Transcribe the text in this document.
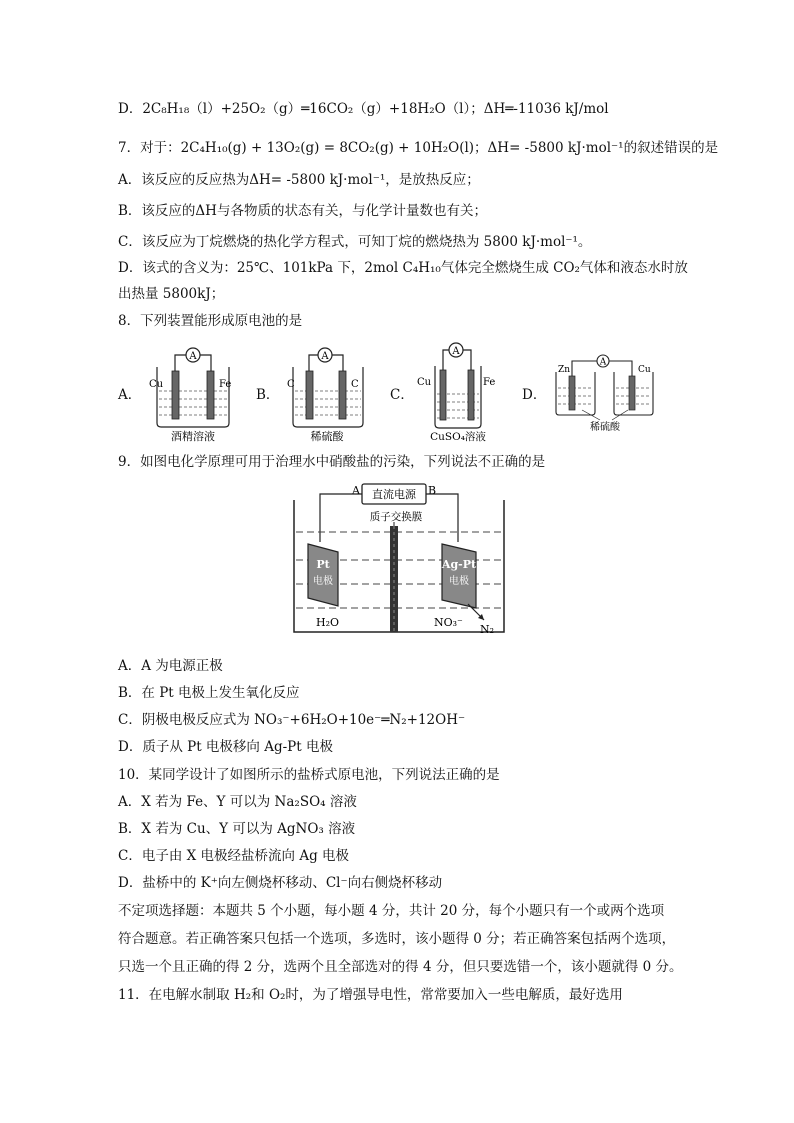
D．2C₈H₁₈（l）+25O₂（g）═16CO₂（g）+18H₂O（l）；ΔH═-11036 kJ/mol
7．对于：2C₄H₁₀(g) + 13O₂(g) = 8CO₂(g) + 10H₂O(l)；ΔH= -5800 kJ·mol⁻¹的叙述错误的是
A．该反应的反应热为ΔH= -5800 kJ·mol⁻¹，是放热反应；
B．该反应的ΔH与各物质的状态有关，与化学计量数也有关；
C．该反应为丁烷燃烧的热化学方程式，可知丁烷的燃烧热为 5800 kJ·mol⁻¹。
D．该式的含义为：25℃、101kPa 下，2mol C₄H₁₀气体完全燃烧生成 CO₂气体和液态水时放
出热量 5800kJ；
8．下列装置能形成原电池的是
A．	B．	C．	D．
A
Cu	Fe
酒精溶液
A
C	C
稀硫酸
A
Cu	Fe
CuSO₄溶液
A
Zn	Cu
稀硫酸
9．如图电化学原理可用于治理水中硝酸盐的污染，下列说法不正确的是
直流电源
A	B
质子交换膜
Pt
电极
Ag-Pt
电极
H₂O	NO₃⁻
N₂
A．A 为电源正极
B．在 Pt 电极上发生氧化反应
C．阴极电极反应式为 NO₃⁻+6H₂O+10e⁻═N₂+12OH⁻
D．质子从 Pt 电极移向 Ag-Pt 电极
10．某同学设计了如图所示的盐桥式原电池，下列说法正确的是
A．X 若为 Fe、Y 可以为 Na₂SO₄ 溶液
B．X 若为 Cu、Y 可以为 AgNO₃ 溶液
C．电子由 X 电极经盐桥流向 Ag 电极
D．盐桥中的 K⁺向左侧烧杯移动、Cl⁻向右侧烧杯移动
不定项选择题：本题共 5 个小题，每小题 4 分，共计 20 分，每个小题只有一个或两个选项
符合题意。若正确答案只包括一个选项，多选时，该小题得 0 分；若正确答案包括两个选项，
只选一个且正确的得 2 分，选两个且全部选对的得 4 分，但只要选错一个，该小题就得 0 分。
11．在电解水制取 H₂和 O₂时，为了增强导电性，常常要加入一些电解质，最好选用
